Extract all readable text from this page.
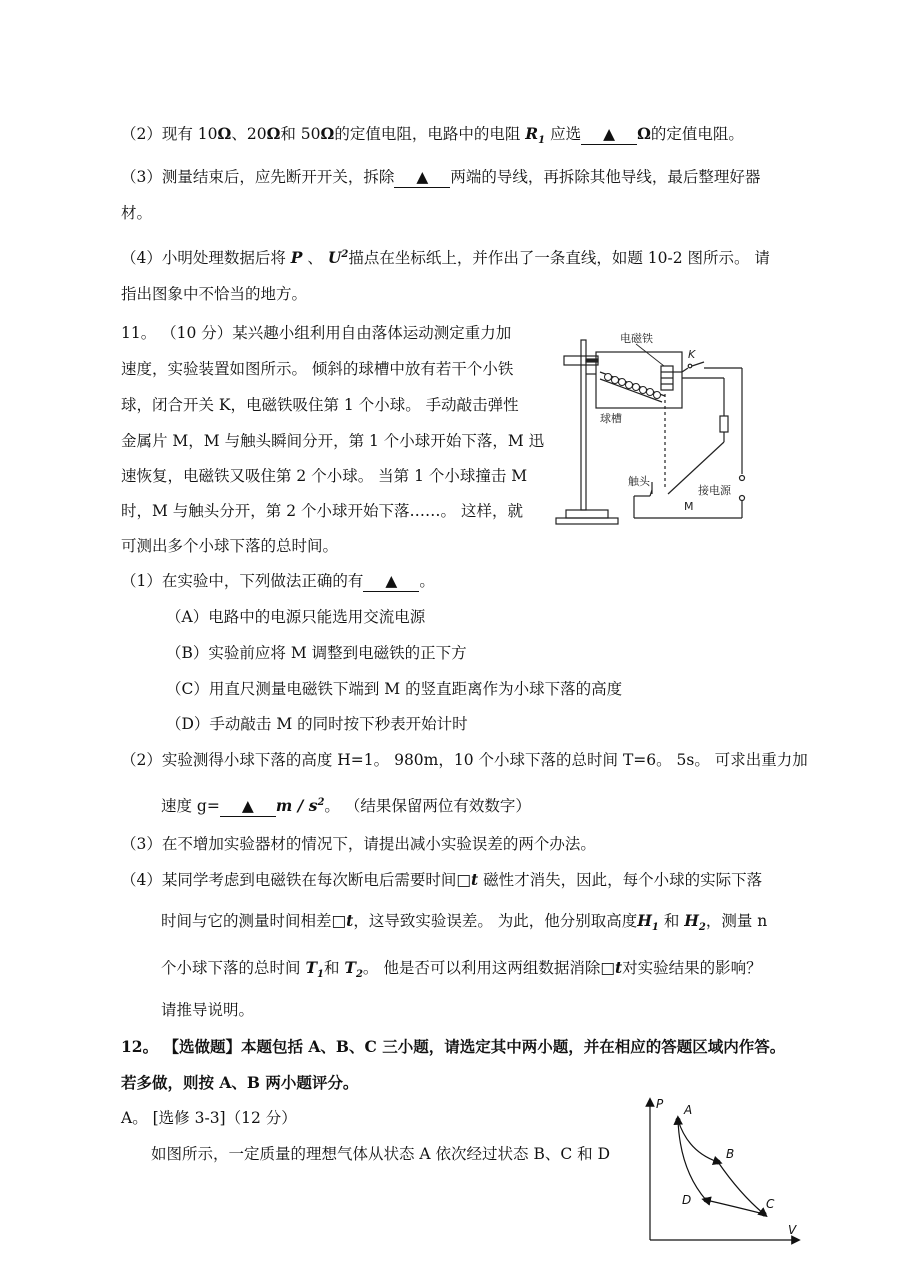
（2）现有 10Ω、20Ω和 50Ω的定值电阻，电路中的电阻 $R_1$ 应选 ▲ Ω的定值电阻。
（3）测量结束后，应先断开开关，拆除 ▲ 两端的导线，再拆除其他导线，最后整理好器
材。
（4）小明处理数据后将 P 、 $U^2$描点在坐标纸上，并作出了一条直线，如题 10-2 图所示。 请
指出图象中不恰当的地方。
11。 （10 分）某兴趣小组利用自由落体运动测定重力加
速度，实验装置如图所示。 倾斜的球槽中放有若干个小铁
球，闭合开关 K，电磁铁吸住第 1 个小球。 手动敲击弹性
金属片 M，M 与触头瞬间分开，第 1 个小球开始下落，M 迅
速恢复，电磁铁又吸住第 2 个小球。 当第 1 个小球撞击 M
时，M 与触头分开，第 2 个小球开始下落……。 这样，就
可测出多个小球下落的总时间。
电磁铁
K
球槽
触头
M
接电源
（1）在实验中，下列做法正确的有 ▲ 。
（A）电路中的电源只能选用交流电源
（B）实验前应将 M 调整到电磁铁的正下方
（C）用直尺测量电磁铁下端到 M 的竖直距离作为小球下落的高度
（D）手动敲击 M 的同时按下秒表开始计时
（2）实验测得小球下落的高度 H=1。 980m，10 个小球下落的总时间 T=6。 5s。 可求出重力加
速度 g= ▲ m / $s^2$。 （结果保留两位有效数字）
（3）在不增加实验器材的情况下，请提出减小实验误差的两个办法。
（4）某同学考虑到电磁铁在每次断电后需要时间□t 磁性才消失，因此，每个小球的实际下落
时间与它的测量时间相差□t，这导致实验误差。 为此，他分别取高度$H_1$ 和 $H_2$，测量 n
个小球下落的总时间 $T_1$和 $T_2$。 他是否可以利用这两组数据消除□t对实验结果的影响？
请推导说明。
12。 【选做题】本题包括 A、B、C 三小题，请选定其中两小题，并在相应的答题区域内作答。
若多做，则按 A、B 两小题评分。
A。 [选修 3-3]（12 分）
如图所示，一定质量的理想气体从状态 A 依次经过状态 B、C 和 D
P
V
A
B
C
D
